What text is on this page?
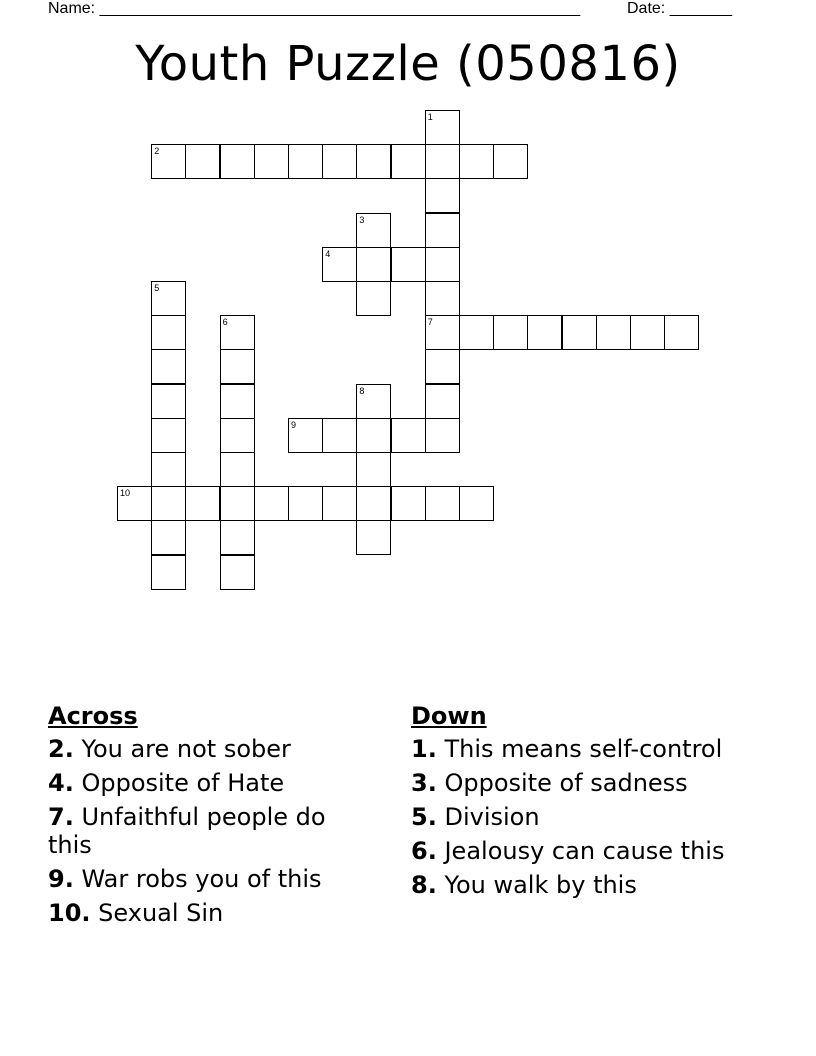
Name: ______________________________________________________	Date: _______
Youth Puzzle (050816)
1
7
2
3
4
5
6
8
9
10
Across
2. You are not sober
4. Opposite of Hate
7. Unfaithful people do this
9. War robs you of this
10. Sexual Sin
Down
1. This means self-control
3. Opposite of sadness
5. Division
6. Jealousy can cause this
8. You walk by this
